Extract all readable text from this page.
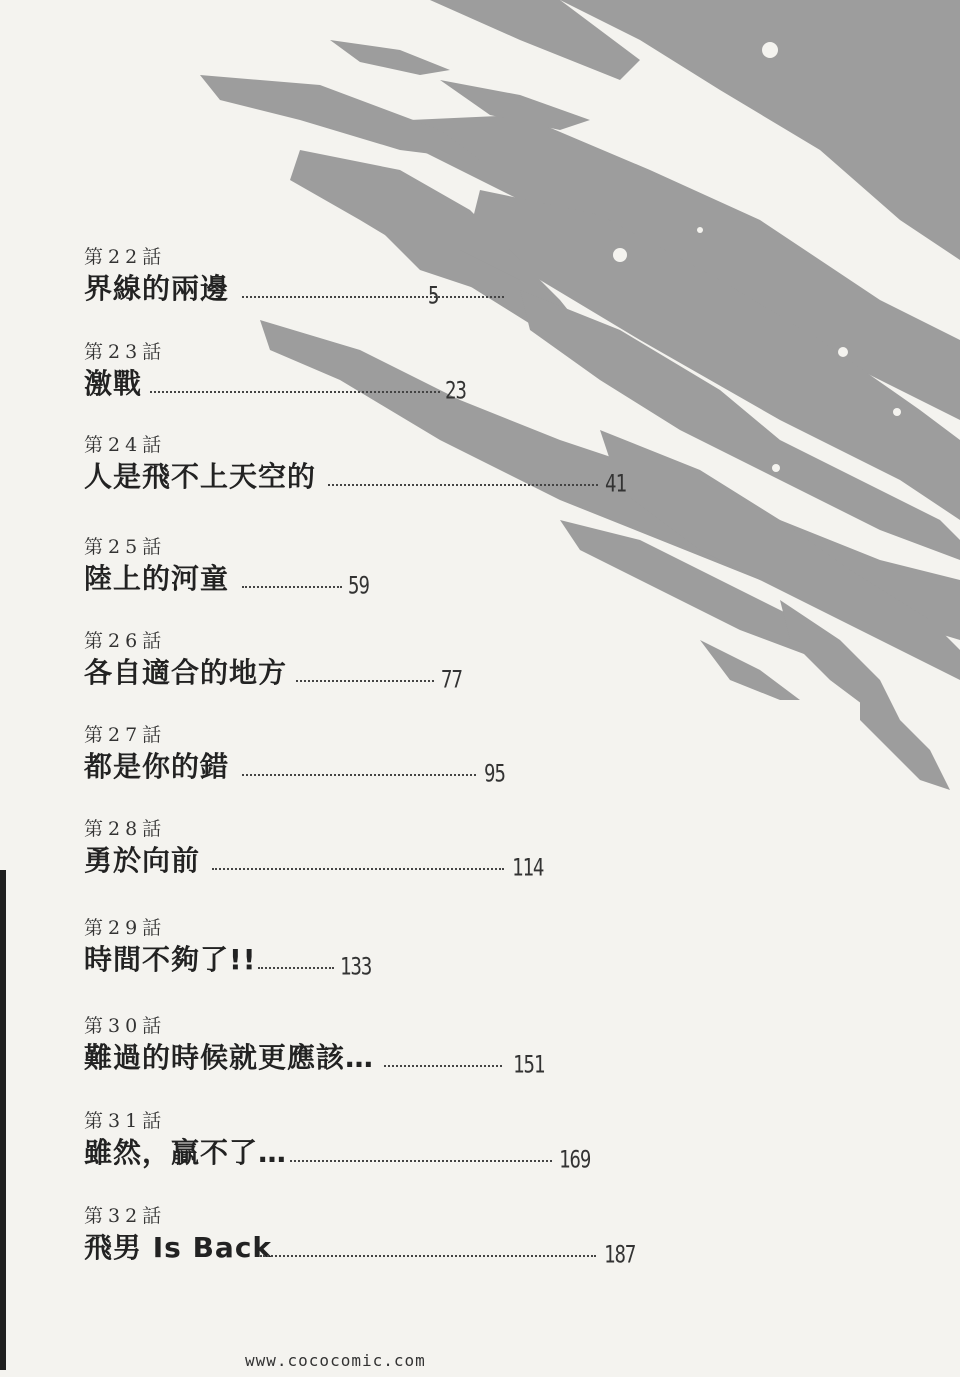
第22話
界線的兩邊	5
第23話
激戰	23
第24話
人是飛不上天空的	41
第25話
陸上的河童	59
第26話
各自適合的地方	77
第27話
都是你的錯	95
第28話
勇於向前	114
第29話
時間不夠了!!	133
第30話
難過的時候就更應該…	151
第31話
雖然，贏不了…	169
第32話
飛男 Is Back	187
www.cococomic.com
